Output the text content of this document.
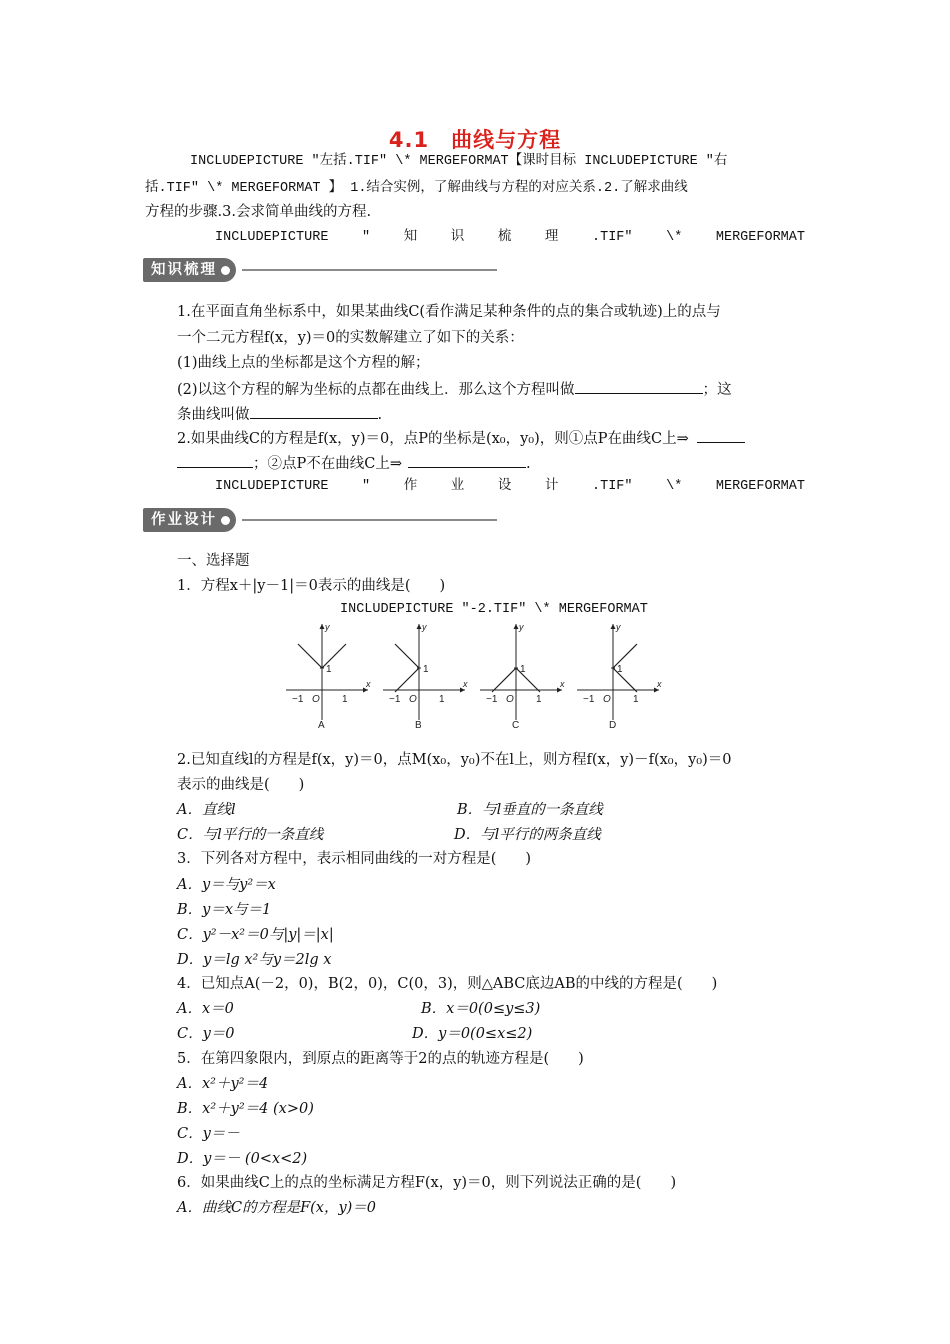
4.1　曲线与方程
INCLUDEPICTURE "左括.TIF" \* MERGEFORMAT【课时目标 INCLUDEPICTURE "右
括.TIF" \* MERGEFORMAT 】 1.结合实例，了解曲线与方程的对应关系.2.了解求曲线
方程的步骤.3.会求简单曲线的方程.
INCLUDEPICTURE " 知 识 梳 理 .TIF" \* MERGEFORMAT
知识梳理
1.在平面直角坐标系中，如果某曲线C(看作满足某种条件的点的集合或轨迹)上的点与
一个二元方程f(x，y)＝0的实数解建立了如下的关系：
(1)曲线上点的坐标都是这个方程的解；
(2)以这个方程的解为坐标的点都在曲线上．那么这个方程叫做	；这
条曲线叫做	.
2.如果曲线C的方程是f(x，y)＝0，点P的坐标是(x₀，y₀)，则①点P在曲线C上⇒
；②点P不在曲线C上⇒	.
INCLUDEPICTURE " 作 业 设 计 .TIF" \* MERGEFORMAT
作业设计
一、选择题
1．方程x＋|y－1|＝0表示的曲线是(　　)
INCLUDEPICTURE "-2.TIF" \* MERGEFORMAT
1
−1 O 1
x
y
A
1
−1 O 1
x
y
B
1
−1 O 1
x
y
C
1
−1 O 1
x
y
D
2.已知直线l的方程是f(x，y)＝0，点M(x₀，y₀)不在l上，则方程f(x，y)－f(x₀，y₀)＝0
表示的曲线是(　　)
A．直线l	B．与l垂直的一条直线
C．与l平行的一条直线	D．与l平行的两条直线
3．下列各对方程中，表示相同曲线的一对方程是(　　)
A．y＝与y²＝x
B．y＝x与＝1
C．y²－x²＝0与|y|＝|x|
D．y＝lg x²与y＝2lg x
4．已知点A(－2，0)，B(2，0)，C(0，3)，则△ABC底边AB的中线的方程是(　　)
A．x＝0	B．x＝0(0≤y≤3)
C．y＝0	D．y＝0(0≤x≤2)
5．在第四象限内，到原点的距离等于2的点的轨迹方程是(　　)
A．x²＋y²＝4
B．x²＋y²＝4 (x>0)
C．y＝－
D．y＝－ (0<x<2)
6．如果曲线C上的点的坐标满足方程F(x，y)＝0，则下列说法正确的是(　　)
A．曲线C的方程是F(x，y)＝0
